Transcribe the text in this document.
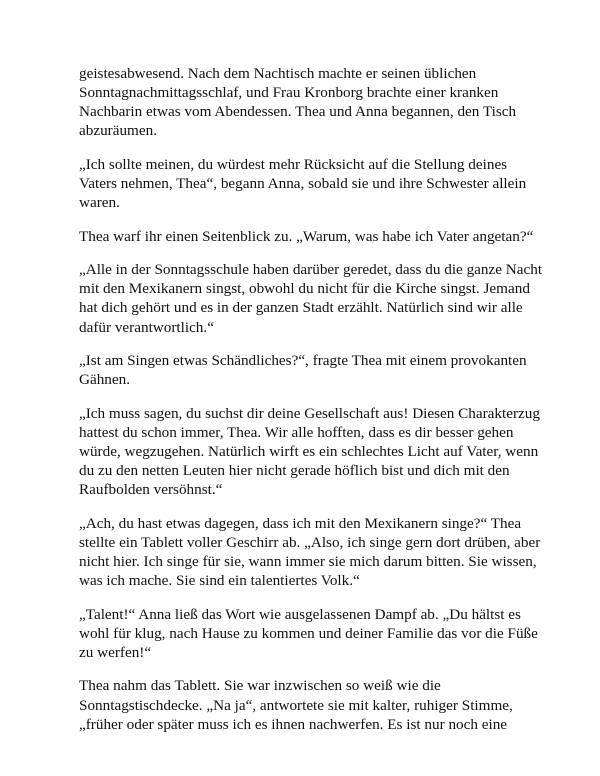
geistesabwesend. Nach dem Nachtisch machte er seinen üblichen
Sonntagnachmittagsschlaf, und Frau Kronborg brachte einer kranken
Nachbarin etwas vom Abendessen. Thea und Anna begannen, den Tisch
abzuräumen.

„Ich sollte meinen, du würdest mehr Rücksicht auf die Stellung deines
Vaters nehmen, Thea“, begann Anna, sobald sie und ihre Schwester allein
waren.

Thea warf ihr einen Seitenblick zu. „Warum, was habe ich Vater angetan?“

„Alle in der Sonntagsschule haben darüber geredet, dass du die ganze Nacht
mit den Mexikanern singst, obwohl du nicht für die Kirche singst. Jemand
hat dich gehört und es in der ganzen Stadt erzählt. Natürlich sind wir alle
dafür verantwortlich.“

„Ist am Singen etwas Schändliches?“, fragte Thea mit einem provokanten
Gähnen.

„Ich muss sagen, du suchst dir deine Gesellschaft aus! Diesen Charakterzug
hattest du schon immer, Thea. Wir alle hofften, dass es dir besser gehen
würde, wegzugehen. Natürlich wirft es ein schlechtes Licht auf Vater, wenn
du zu den netten Leuten hier nicht gerade höflich bist und dich mit den
Raufbolden versöhnst.“

„Ach, du hast etwas dagegen, dass ich mit den Mexikanern singe?“ Thea
stellte ein Tablett voller Geschirr ab. „Also, ich singe gern dort drüben, aber
nicht hier. Ich singe für sie, wann immer sie mich darum bitten. Sie wissen,
was ich mache. Sie sind ein talentiertes Volk.“

„Talent!“ Anna ließ das Wort wie ausgelassenen Dampf ab. „Du hältst es
wohl für klug, nach Hause zu kommen und deiner Familie das vor die Füße
zu werfen!“

Thea nahm das Tablett. Sie war inzwischen so weiß wie die
Sonntagstischdecke. „Na ja“, antwortete sie mit kalter, ruhiger Stimme,
„früher oder später muss ich es ihnen nachwerfen. Es ist nur noch eine
